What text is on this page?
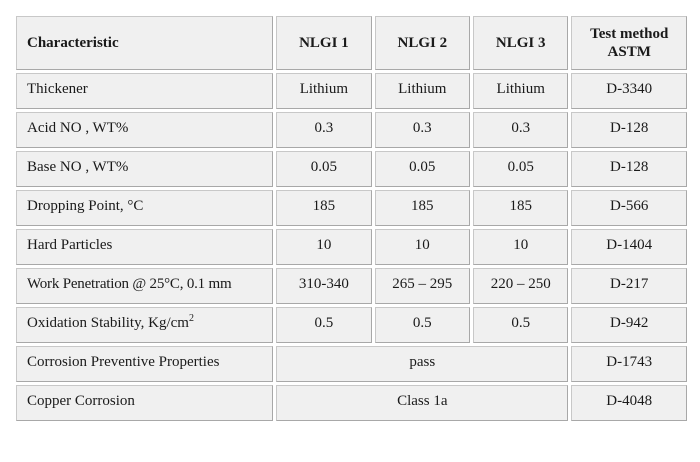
Characteristic	NLGI 1	NLGI 2	NLGI 3	Test method
ASTM
Thickener	Lithium	Lithium	Lithium	D-3340
Acid NO , WT%	0.3	0.3	0.3	D-128
Base NO , WT%	0.05	0.05	0.05	D-128
Dropping Point, °C	185	185	185	D-566
Hard Particles	10	10	10	D-1404
Work Penetration @ 25°C, 0.1 mm	310-340	265 – 295	220 – 250	D-217
Oxidation Stability, $Kg/cm^2$	0.5	0.5	0.5	D-942
Corrosion Preventive Properties	pass			D-1743
Copper Corrosion	Class 1a			D-4048
